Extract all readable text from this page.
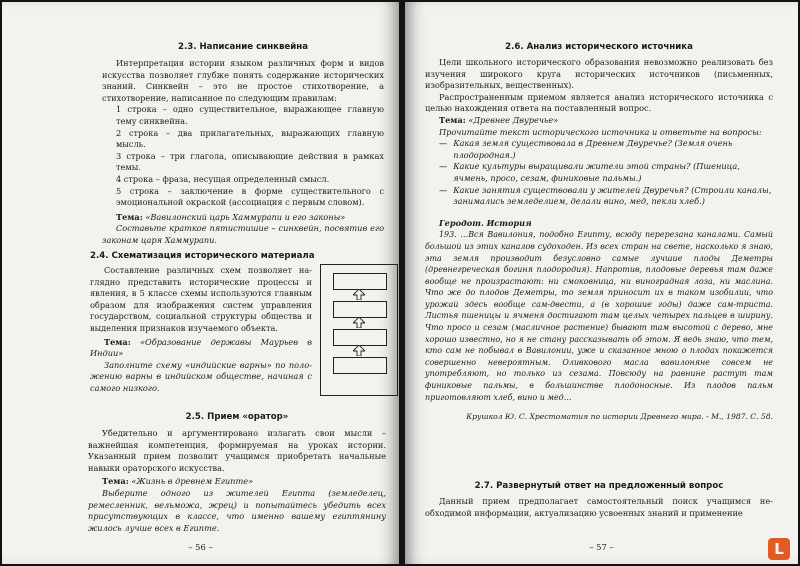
2.3. Написание синквейна

Интерпретация истории языком различных форм и видов искусства позволяет глубже понять содержание исторических знаний. Синквейн – это не простое стихотворение, а стихотворение, написанное по следующим правилам:

1 строка – одно существительное, выражающее главную тему синквейна.

2 строка – два прилагательных, выражающих главную мысль.

3 строка – три глагола, описывающие действия в рамках темы.

4 строка – фраза, несущая определенный смысл.

5 строка – заключение в форме существительного с эмоциональной окраской (ассоциация с первым словом).

Тема: «Вавилонский царь Хаммурапи и его законы»

Составьте краткое пятистишие – синквейн, посвятив его законам царя Хаммурапи.

2.4. Схематизация исторического материала

Составление различных схем позволяет наглядно представить исторические процессы и явления, в 5 классе схемы используются главным образом для изображения систем управления государством, социальной структуры общества и выделения признаков изучаемого объекта.

Тема: «Образование державы Маурьев в Индии»

Заполните схему «индийские варны» по положению варны в индийском обществе, начиная с самого низкого.

2.5. Прием «оратор»

Убедительно и аргументировано излагать свои мысли – важнейшая компетенция, формируемая на уроках истории. Указанный прием позволит учащимся приобретать начальные навыки ораторского искусства.

Тема: «Жизнь в древнем Египте»

Выберите одного из жителей Египта (земледелец, ремесленник, вельможа, жрец) и попытайтесь убедить всех присутствующих в классе, что именно вашему египтянину жилось лучше всех в Египте.

– 56 –

2.6. Анализ исторического источника

Цели школьного исторического образования невозможно реализовать без изучения широкого круга исторических источников (письменных, изобразительных, вещественных).

Распространенным приемом является анализ исторического источника с целью нахождения ответа на поставленный вопрос.

Тема: «Древнее Двуречье»

Прочитайте текст исторического источника и ответьте на вопросы:

— Какая земля существовала в Древнем Двуречье? (Земля очень плодородная.)
— Какие культуры выращивали жители этой страны? (Пшеница, ячмень, просо, сезам, финиковые пальмы.)
— Какие занятия существовали у жителей Двуречья? (Строили каналы, занимались земледелием, делали вино, мед, пекли хлеб.)

Геродот. История

193. …Вся Вавилония, подобно Египту, всюду перерезана каналами. Самый большой из этих каналов судоходен. Из всех стран на свете, насколько я знаю, эта земля производит безусловно самые лучшие плоды Деметры (древнегреческая богиня плодородия). Напротив, плодовые деревья там даже вообще не произрастают: ни смоковница, ни виноградная лоза, ни маслина. Что же до плодов Деметры, то земля приносит их в таком изобилии, что урожай здесь вообще сам-двести, а (в хорошие годы) даже сам-триста. Листья пшеницы и ячменя достигают там целых четырех пальцев в ширину. Что просо и сезам (масличное растение) бывают там высотой с дерево, мне хорошо известно, но я не стану рассказывать об этом. Я ведь знаю, что тем, кто сам не побывал в Вавилонии, уже и сказанное мною о плодах покажется совершенно невероятным. Оливкового масла вавилоняне совсем не употребляют, но только из сезама. Повсюду на равнине растут там финиковые пальмы, в большинстве плодоносные. Из плодов пальм приготовляют хлеб, вино и мед…

Крушкол Ю. С. Хрестоматия по истории Древнего мира. - М., 1987. С. 58.

2.7. Развернутый ответ на предложенный вопрос

Данный прием предполагает самостоятельный поиск учащимся необходимой информации, актуализацию усвоенных знаний и применение

– 57 –	L
